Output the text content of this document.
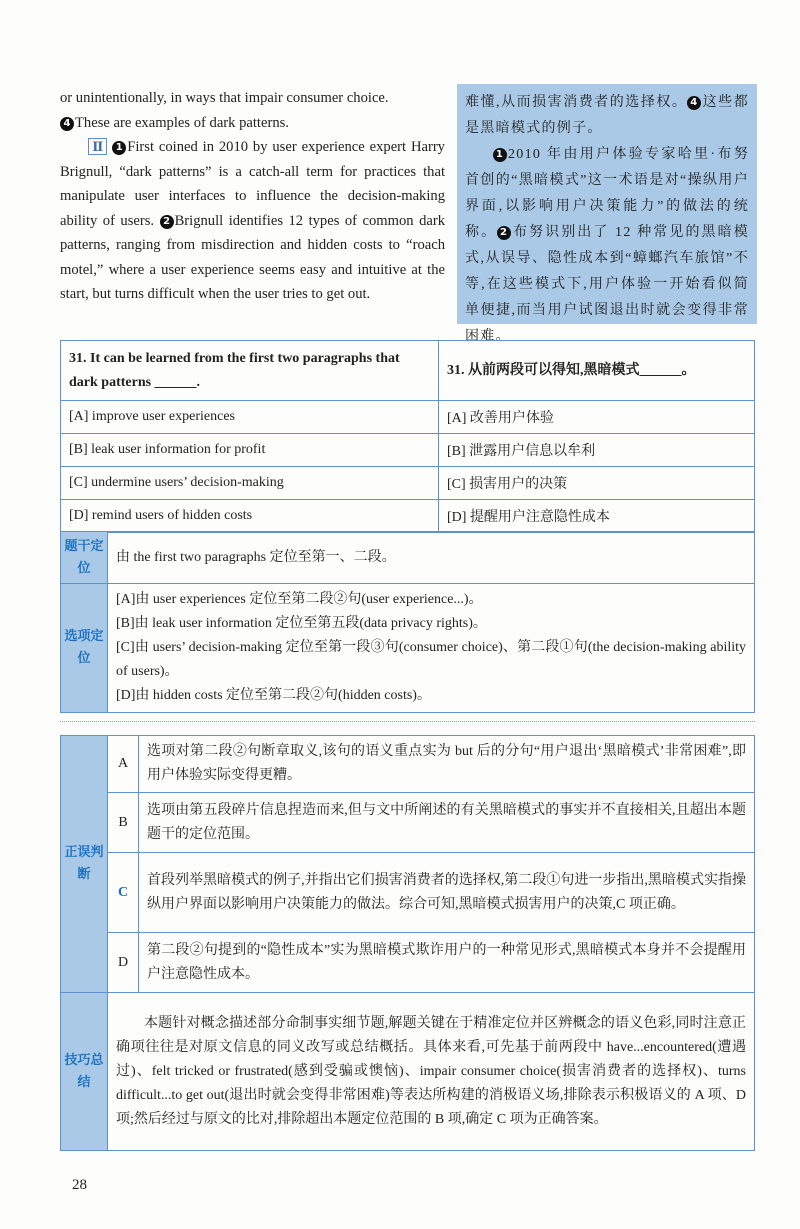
or unintentionally, in ways that impair consumer choice.
4 These are examples of dark patterns.
Ⅱ 1 First coined in 2010 by user experience expert Harry Brignull, “dark patterns” is a catch-all term for practices that manipulate user interfaces to influence the decision-making ability of users. 2 Brignull identifies 12 types of common dark patterns, ranging from misdirection and hidden costs to “roach motel,” where a user experience seems easy and intuitive at the start, but turns difficult when the user tries to get out.
难懂,从而损害消费者的选择权。 4 这些都是黑暗模式的例子。
1 2010 年由用户体验专家哈里·布努首创的“黑暗模式”这一术语是对“操纵用户界面,以影响用户决策能力”的做法的统称。 2 布努识别出了 12 种常见的黑暗模式,从误导、隐性成本到“蟑螂汽车旅馆”不等,在这些模式下,用户体验一开始看似简单便捷,而当用户试图退出时就会变得非常困难。
31. It can be learned from the first two paragraphs that dark patterns ______.	31. 从前两段可以得知,黑暗模式______。
[A] improve user experiences	[A] 改善用户体验
[B] leak user information for profit	[B] 泄露用户信息以牟利
[C] undermine users’ decision-making	[C] 损害用户的决策
[D] remind users of hidden costs	[D] 提醒用户注意隐性成本
题干定位	由 the first two paragraphs 定位至第一、二段。
选项定位	[A]由 user experiences 定位至第二段②句(user experience...)。
[B]由 leak user information 定位至第五段(data privacy rights)。
[C]由 users’ decision-making 定位至第一段③句(consumer choice)、第二段①句(the decision-making ability of users)。
[D]由 hidden costs 定位至第二段②句(hidden costs)。
正误判断	A	选项对第二段②句断章取义,该句的语义重点实为 but 后的分句“用户退出‘黑暗模式’非常困难”,即用户体验实际变得更糟。
	B	选项由第五段碎片信息捏造而来,但与文中所阐述的有关黑暗模式的事实并不直接相关,且超出本题题干的定位范围。
	C	首段列举黑暗模式的例子,并指出它们损害消费者的选择权,第二段①句进一步指出,黑暗模式实指操纵用户界面以影响用户决策能力的做法。综合可知,黑暗模式损害用户的决策,C 项正确。
	D	第二段②句提到的“隐性成本”实为黑暗模式欺诈用户的一种常见形式,黑暗模式本身并不会提醒用户注意隐性成本。
技巧总结	本题针对概念描述部分命制事实细节题,解题关键在于精准定位并区辨概念的语义色彩,同时注意正确项往往是对原文信息的同义改写或总结概括。具体来看,可先基于前两段中 have...encountered(遭遇过)、felt tricked or frustrated(感到受骗或懊恼)、impair consumer choice(损害消费者的选择权)、turns difficult...to get out(退出时就会变得非常困难)等表达所构建的消极语义场,排除表示积极语义的 A 项、D 项;然后经过与原文的比对,排除超出本题定位范围的 B 项,确定 C 项为正确答案。	
28
